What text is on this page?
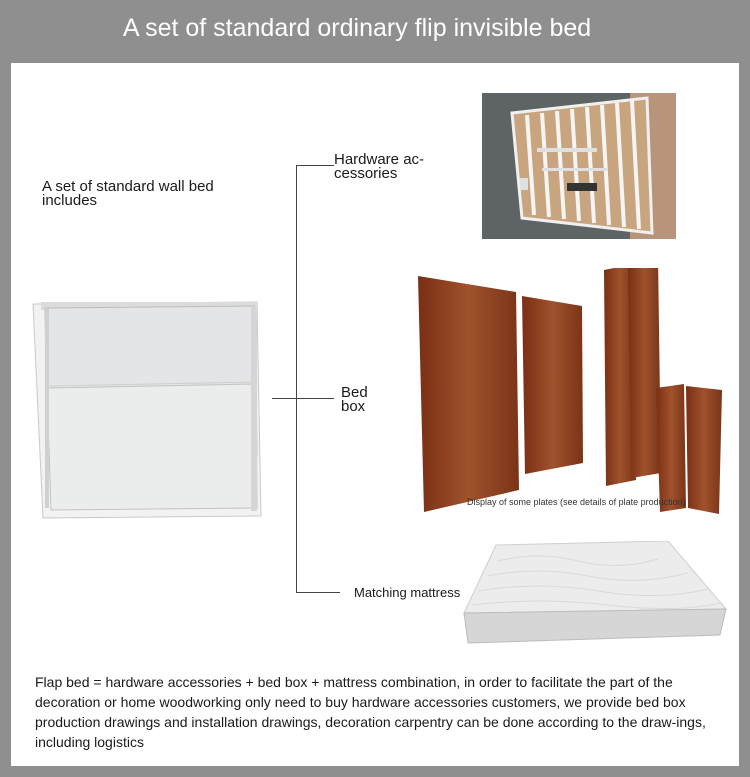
A set of standard ordinary flip invisible bed
A set of standard wall bed
includes
Hardware ac-
cessories
Bed
box
Matching mattress
Display of some plates (see details of plate production)
Flap bed = hardware accessories + bed box + mattress combination, in order to facilitate the part of the decoration or home woodworking only need to buy hardware accessories customers, we provide bed box production drawings and installation drawings, decoration carpentry can be done according to the draw-ings, including logistics
